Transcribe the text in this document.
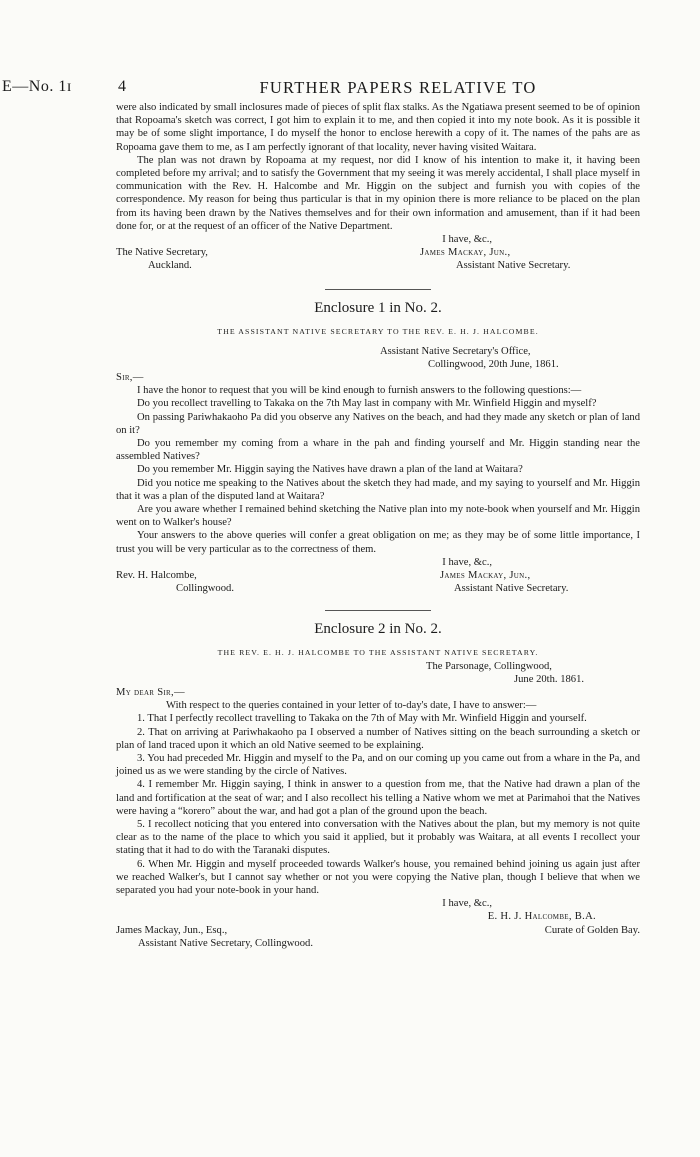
E—No. 1ɪ	4	FURTHER PAPERS RELATIVE TO

were also indicated by small inclosures made of pieces of split flax stalks. As the Ngatiawa present seemed to be of opinion that Ropoama's sketch was correct, I got him to explain it to me, and then copied it into my note book. As it is possible it may be of some slight importance, I do myself the honor to enclose herewith a copy of it. The names of the pahs are as Ropoama gave them to me, as I am perfectly ignorant of that locality, never having visited Waitara.

The plan was not drawn by Ropoama at my request, nor did I know of his intention to make it, it having been completed before my arrival; and to satisfy the Government that my seeing it was merely accidental, I shall place myself in communication with the Rev. H. Halcombe and Mr. Higgin on the subject and furnish you with copies of the correspondence. My reason for being thus particular is that in my opinion there is more reliance to be placed on the plan from its having been drawn by the Natives themselves and for their own information and amusement, than if it had been done for, or at the request of an officer of the Native Department.

I have, &c.,

The Native Secretary,
Auckland.
James Mackay, Jun.,
Assistant Native Secretary.
Enclosure 1 in No. 2.
THE ASSISTANT NATIVE SECRETARY TO THE REV. E. H. J. HALCOMBE.
Assistant Native Secretary's Office,
Collingwood, 20th June, 1861.
Sir,—

I have the honor to request that you will be kind enough to furnish answers to the following questions:—

Do you recollect travelling to Takaka on the 7th May last in company with Mr. Winfield Higgin and myself?

On passing Pariwhakaoho Pa did you observe any Natives on the beach, and had they made any sketch or plan of land on it?

Do you remember my coming from a whare in the pah and finding yourself and Mr. Higgin standing near the assembled Natives?

Do you remember Mr. Higgin saying the Natives have drawn a plan of the land at Waitara?

Did you notice me speaking to the Natives about the sketch they had made, and my saying to yourself and Mr. Higgin that it was a plan of the disputed land at Waitara?

Are you aware whether I remained behind sketching the Native plan into my note-book when yourself and Mr. Higgin went on to Walker's house?

Your answers to the above queries will confer a great obligation on me; as they may be of some little importance, I trust you will be very particular as to the correctness of them.

I have, &c.,

Rev. H. Halcombe,
Collingwood.
James Mackay, Jun.,
Assistant Native Secretary.
Enclosure 2 in No. 2.
THE REV. E. H. J. HALCOMBE TO THE ASSISTANT NATIVE SECRETARY.
The Parsonage, Collingwood,
June 20th. 1861.
My dear Sir,—

With respect to the queries contained in your letter of to-day's date, I have to answer:—

1. That I perfectly recollect travelling to Takaka on the 7th of May with Mr. Winfield Higgin and yourself.

2. That on arriving at Pariwhakaoho pa I observed a number of Natives sitting on the beach surrounding a sketch or plan of land traced upon it which an old Native seemed to be explaining.

3. You had preceded Mr. Higgin and myself to the Pa, and on our coming up you came out from a whare in the Pa, and joined us as we were standing by the circle of Natives.

4. I remember Mr. Higgin saying, I think in answer to a question from me, that the Native had drawn a plan of the land and fortification at the seat of war; and I also recollect his telling a Native whom we met at Parimahoi that the Natives were having a “korero” about the war, and had got a plan of the ground upon the beach.

5. I recollect noticing that you entered into conversation with the Natives about the plan, but my memory is not quite clear as to the name of the place to which you said it applied, but it probably was Waitara, at all events I recollect your stating that it had to do with the Taranaki disputes.

6. When Mr. Higgin and myself proceeded towards Walker's house, you remained behind joining us again just after we reached Walker's, but I cannot say whether or not you were copying the Native plan, though I believe that when we separated you had your note-book in your hand.

I have, &c.,

E. H. J. Halcombe, B.A.
James Mackay, Jun., Esq.,
Assistant Native Secretary, Collingwood.
Curate of Golden Bay.
